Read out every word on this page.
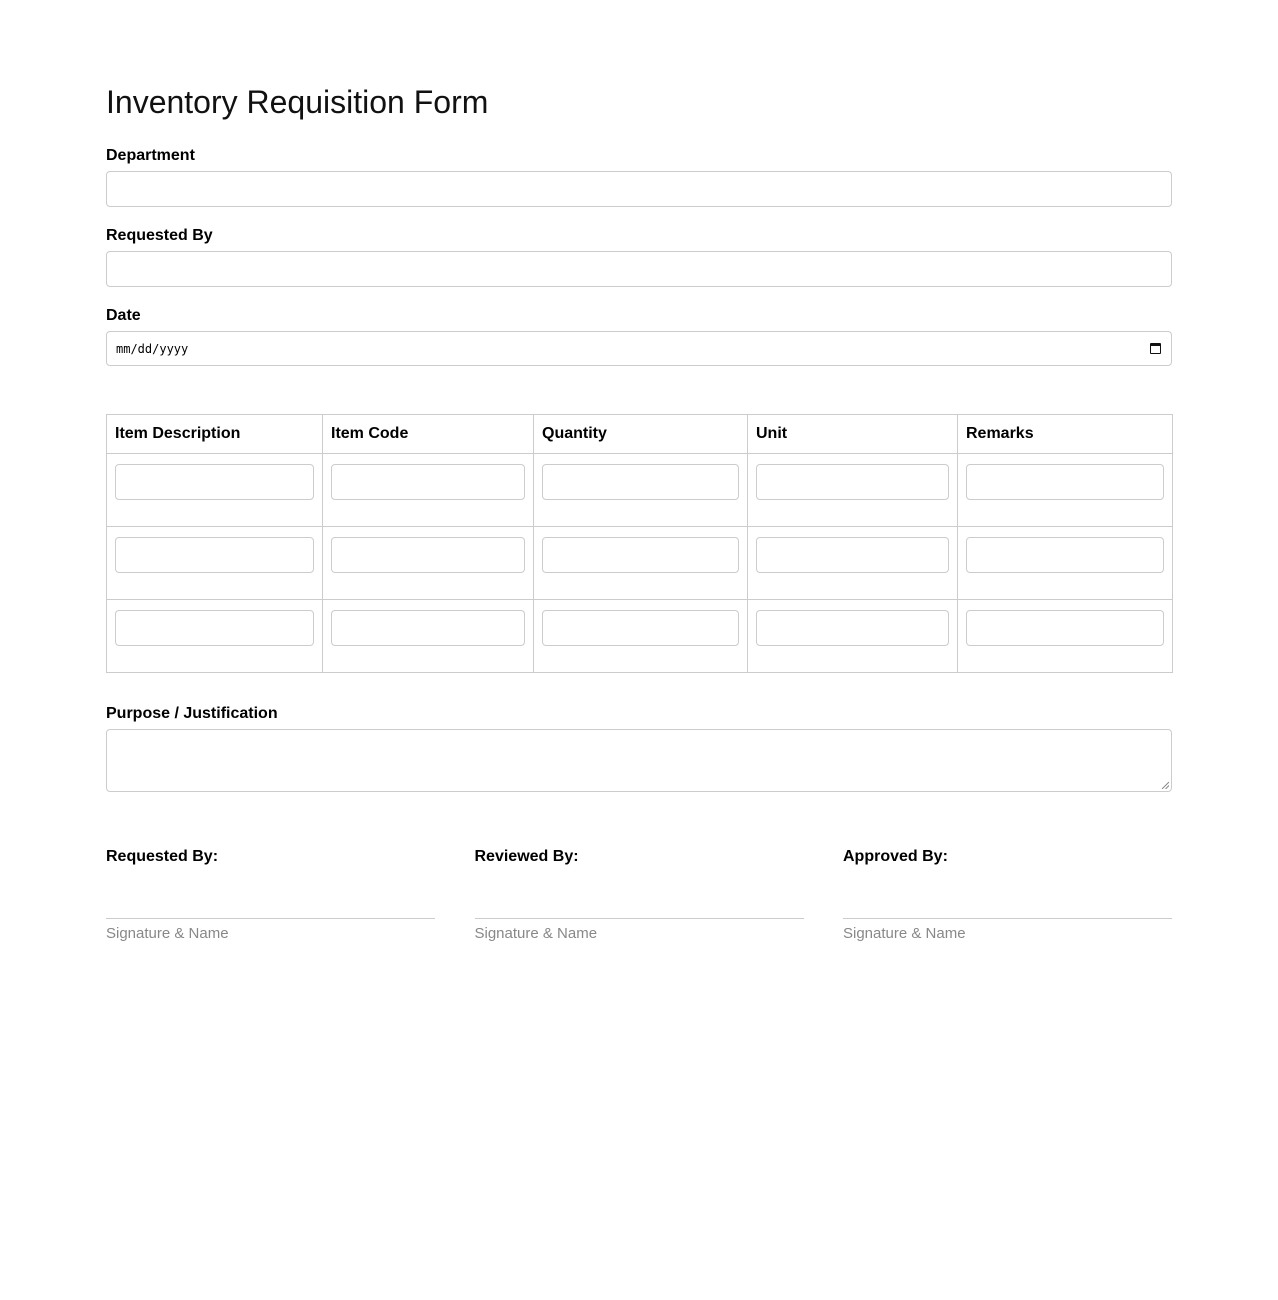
Inventory Requisition Form
Department
Requested By
Date
mm/dd/yyyy
Item Description	Item Code	Quantity	Unit	Remarks

Purpose / Justification
Requested By:
Signature & Name
Reviewed By:
Signature & Name
Approved By:
Signature & Name
